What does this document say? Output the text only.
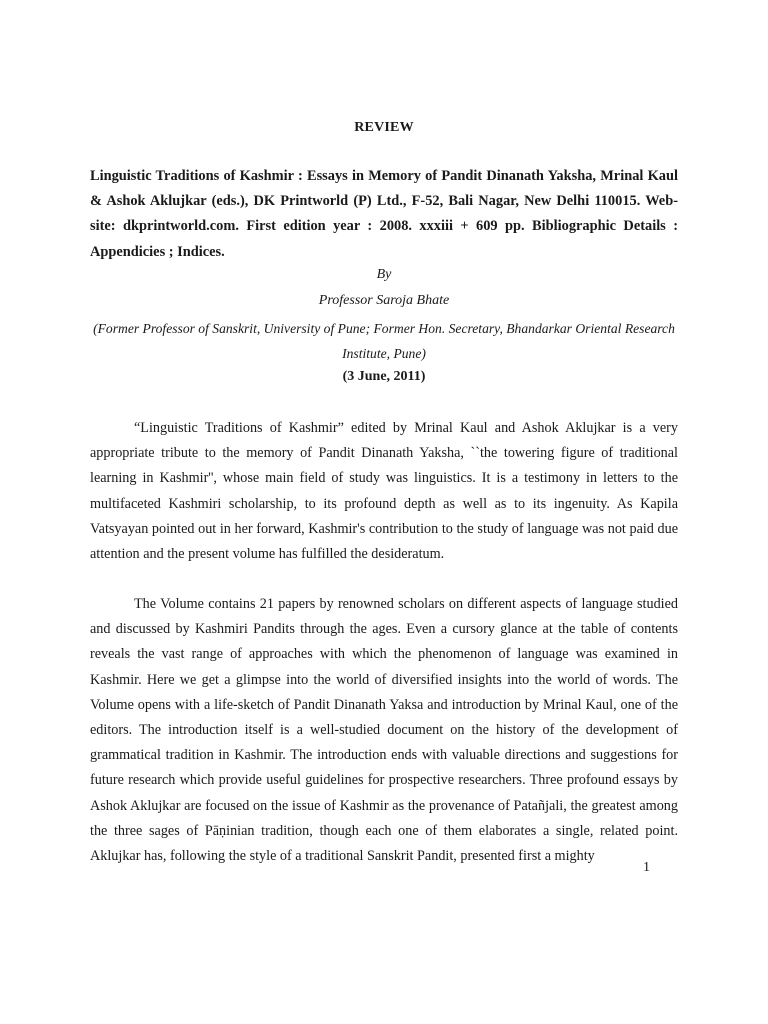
REVIEW
Linguistic Traditions of Kashmir : Essays in Memory of Pandit Dinanath Yaksha, Mrinal Kaul & Ashok Aklujkar (eds.), DK Printworld (P) Ltd., F-52, Bali Nagar, New Delhi 110015. Web-site: dkprintworld.com. First edition year : 2008. xxxiii + 609 pp. Bibliographic Details : Appendicies ; Indices.
By
Professor Saroja Bhate
(Former Professor of Sanskrit, University of Pune; Former Hon. Secretary, Bhandarkar Oriental Research Institute, Pune)
(3 June, 2011)

“Linguistic Traditions of Kashmir” edited by Mrinal Kaul and Ashok Aklujkar is a very appropriate tribute to the memory of Pandit Dinanath Yaksha, ``the towering figure of traditional learning in Kashmir'', whose main field of study was linguistics. It is a testimony in letters to the multifaceted Kashmiri scholarship, to its profound depth as well as to its ingenuity. As Kapila Vatsyayan pointed out in her forward, Kashmir's contribution to the study of language was not paid due attention and the present volume has fulfilled the desideratum.

The Volume contains 21 papers by renowned scholars on different aspects of language studied and discussed by Kashmiri Pandits through the ages. Even a cursory glance at the table of contents reveals the vast range of approaches with which the phenomenon of language was examined in Kashmir. Here we get a glimpse into the world of diversified insights into the world of words. The Volume opens with a life-sketch of Pandit Dinanath Yaksa and introduction by Mrinal Kaul, one of the editors. The introduction itself is a well-studied document on the history of the development of grammatical tradition in Kashmir. The introduction ends with valuable directions and suggestions for future research which provide useful guidelines for prospective researchers. Three profound essays by Ashok Aklujkar are focused on the issue of Kashmir as the provenance of Patañjali, the greatest among the three sages of Pāṇinian tradition, though each one of them elaborates a single, related point. Aklujkar has, following the style of a traditional Sanskrit Pandit, presented first a mighty

1
